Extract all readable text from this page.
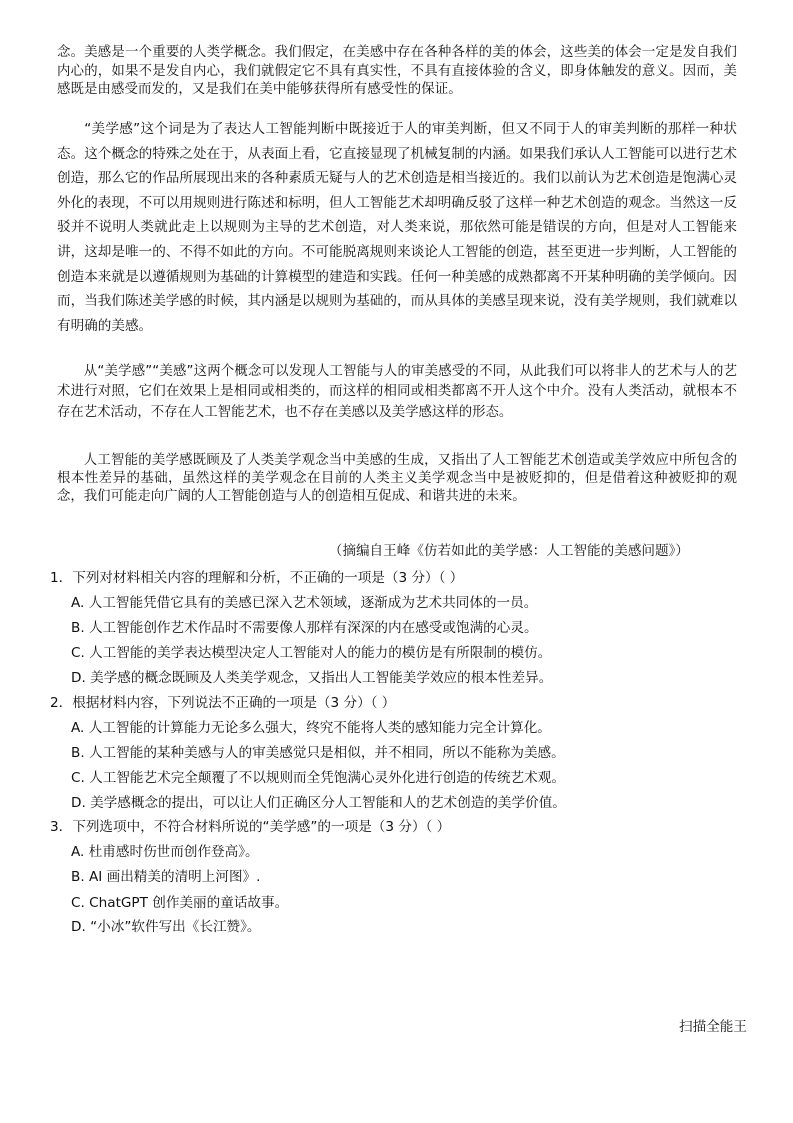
念。美感是一个重要的人类学概念。我们假定，在美感中存在各种各样的美的体会，这些美的体会一定是发自我们内心的，如果不是发自内心，我们就假定它不具有真实性，不具有直接体验的含义，即身体触发的意义。因而，美感既是由感受而发的，又是我们在美中能够获得所有感受性的保证。

“美学感”这个词是为了表达人工智能判断中既接近于人的审美判断，但又不同于人的审美判断的那样一种状态。这个概念的特殊之处在于，从表面上看，它直接显现了机械复制的内涵。如果我们承认人工智能可以进行艺术创造，那么它的作品所展现出来的各种素质无疑与人的艺术创造是相当接近的。我们以前认为艺术创造是饱满心灵外化的表现，不可以用规则进行陈述和标明，但人工智能艺术却明确反驳了这样一种艺术创造的观念。当然这一反驳并不说明人类就此走上以规则为主导的艺术创造，对人类来说，那依然可能是错误的方向，但是对人工智能来讲，这却是唯一的、不得不如此的方向。不可能脱离规则来谈论人工智能的创造，甚至更进一步判断，人工智能的创造本来就是以遵循规则为基础的计算模型的建造和实践。任何一种美感的成熟都离不开某种明确的美学倾向。因而，当我们陈述美学感的时候，其内涵是以规则为基础的，而从具体的美感呈现来说，没有美学规则，我们就难以有明确的美感。

从“美学感”“美感”这两个概念可以发现人工智能与人的审美感受的不同，从此我们可以将非人的艺术与人的艺术进行对照，它们在效果上是相同或相类的，而这样的相同或相类都离不开人这个中介。没有人类活动，就根本不存在艺术活动，不存在人工智能艺术，也不存在美感以及美学感这样的形态。

人工智能的美学感既顾及了人类美学观念当中美感的生成，又指出了人工智能艺术创造或美学效应中所包含的根本性差异的基础，虽然这样的美学观念在目前的人类主义美学观念当中是被贬抑的，但是借着这种被贬抑的观念，我们可能走向广阔的人工智能创造与人的创造相互促成、和谐共进的未来。

（摘编自王峰《仿若如此的美学感：人工智能的美感问题》）
1．下列对材料相关内容的理解和分析，不正确的一项是（3 分）（ ）
A. 人工智能凭借它具有的美感已深入艺术领域，逐渐成为艺术共同体的一员。
B. 人工智能创作艺术作品时不需要像人那样有深深的内在感受或饱满的心灵。
C. 人工智能的美学表达模型决定人工智能对人的能力的模仿是有所限制的模仿。
D. 美学感的概念既顾及人类美学观念，又指出人工智能美学效应的根本性差异。
2．根据材料内容，下列说法不正确的一项是（3 分）（ ）
A. 人工智能的计算能力无论多么强大，终究不能将人类的感知能力完全计算化。
B. 人工智能的某种美感与人的审美感觉只是相似，并不相同，所以不能称为美感。
C. 人工智能艺术完全颠覆了不以规则而全凭饱满心灵外化进行创造的传统艺术观。
D. 美学感概念的提出，可以让人们正确区分人工智能和人的艺术创造的美学价值。
3．下列选项中，不符合材料所说的“美学感”的一项是（3 分）（ ）
A. 杜甫感时伤世而创作登高》。
B. AI 画出精美的清明上河图》.
C. ChatGPT 创作美丽的童话故事。
D. “小冰”软件写出《长江赞》。
扫描全能王
